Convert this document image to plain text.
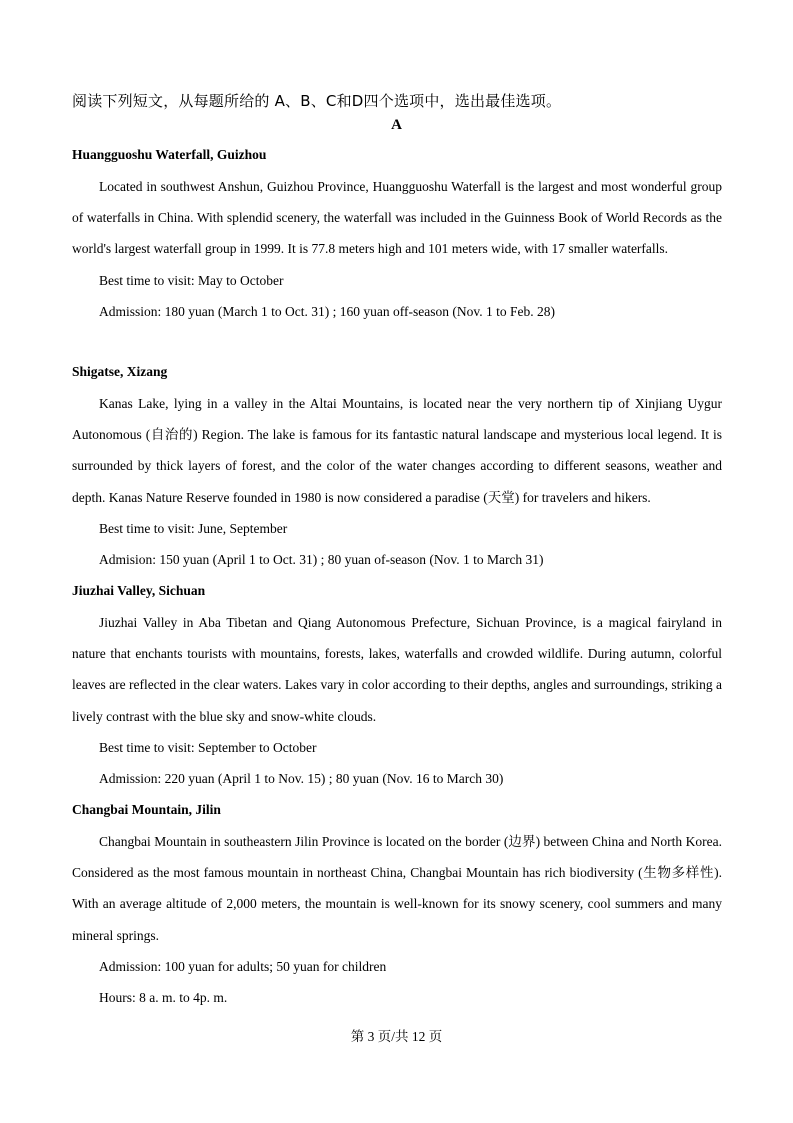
阅读下列短文，从每题所给的 A、B、C和D四个选项中，选出最佳选项。
A
Huangguoshu Waterfall, Guizhou

Located in southwest Anshun, Guizhou Province, Huangguoshu Waterfall is the largest and most wonderful group of waterfalls in China. With splendid scenery, the waterfall was included in the Guinness Book of World Records as the world's largest waterfall group in 1999. It is 77.8 meters high and 101 meters wide, with 17 smaller waterfalls.

Best time to visit: May to October

Admission: 180 yuan (March 1 to Oct. 31) ; 160 yuan off-season (Nov. 1 to Feb. 28)

Shigatse, Xizang

Kanas Lake, lying in a valley in the Altai Mountains, is located near the very northern tip of Xinjiang Uygur Autonomous (自治的) Region. The lake is famous for its fantastic natural landscape and mysterious local legend. It is surrounded by thick layers of forest, and the color of the water changes according to different seasons, weather and depth. Kanas Nature Reserve founded in 1980 is now considered a paradise (天堂) for travelers and hikers.

Best time to visit: June, September

Admision: 150 yuan (April 1 to Oct. 31) ; 80 yuan of-season (Nov. 1 to March 31)

Jiuzhai Valley, Sichuan

Jiuzhai Valley in Aba Tibetan and Qiang Autonomous Prefecture, Sichuan Province, is a magical fairyland in nature that enchants tourists with mountains, forests, lakes, waterfalls and crowded wildlife. During autumn, colorful leaves are reflected in the clear waters. Lakes vary in color according to their depths, angles and surroundings, striking a lively contrast with the blue sky and snow-white clouds.

Best time to visit: September to October

Admission: 220 yuan (April 1 to Nov. 15) ; 80 yuan (Nov. 16 to March 30)

Changbai Mountain, Jilin

Changbai Mountain in southeastern Jilin Province is located on the border (边界) between China and North Korea. Considered as the most famous mountain in northeast China, Changbai Mountain has rich biodiversity (生物多样性). With an average altitude of 2,000 meters, the mountain is well-known for its snowy scenery, cool summers and many mineral springs.

Admission: 100 yuan for adults; 50 yuan for children

Hours: 8 a. m. to 4p. m.

第 3 页/共 12 页
